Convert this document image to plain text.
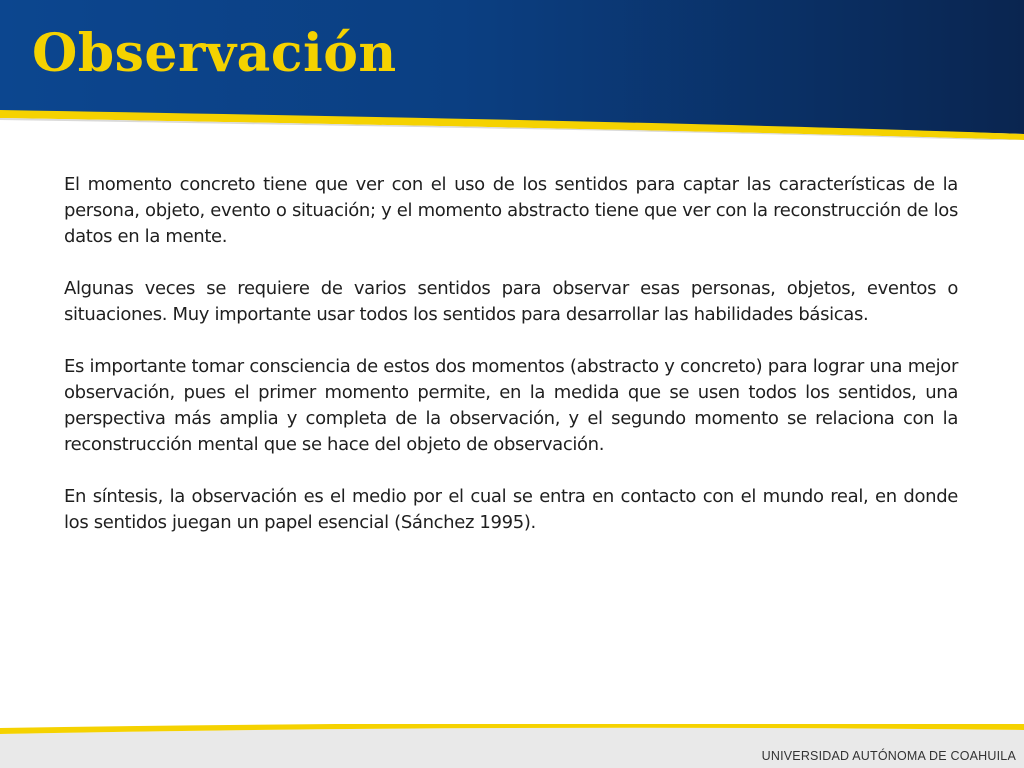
Observación

El momento concreto tiene que ver con el uso de los sentidos para captar las características de la persona, objeto, evento o situación; y el momento abstracto tiene que ver con la reconstrucción de los datos en la mente.

Algunas veces se requiere de varios sentidos para observar esas personas, objetos, eventos o situaciones. Muy importante usar todos los sentidos para desarrollar las habilidades básicas.

Es importante tomar consciencia de estos dos momentos (abstracto y concreto) para lograr una mejor observación, pues el primer momento permite, en la medida que se usen todos los sentidos, una perspectiva más amplia y completa de la observación, y el segundo momento se relaciona con la reconstrucción mental que se hace del objeto de observación.

En síntesis, la observación es el medio por el cual se entra en contacto con el mundo real, en donde los sentidos juegan un papel esencial (Sánchez 1995).

UNIVERSIDAD AUTÓNOMA DE COAHUILA
